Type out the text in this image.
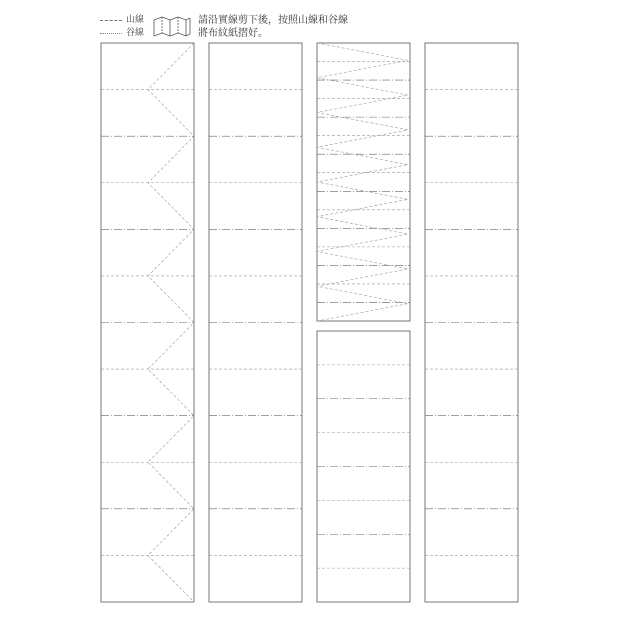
山線
谷線
請沿實線剪下後，按照山線和谷線
將布紋紙摺好。
